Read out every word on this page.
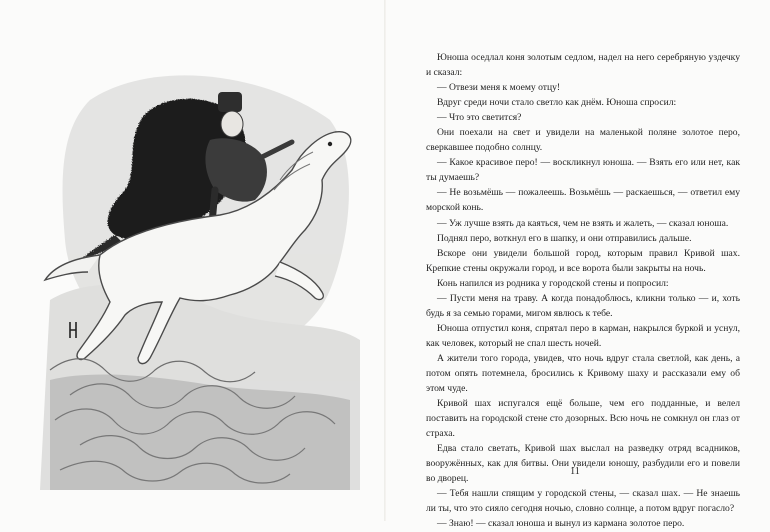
Юноша оседлал коня золотым седлом, надел на него серебряную уздечку и сказал:

— Отвези меня к моему отцу!

Вдруг среди ночи стало светло как днём. Юноша спросил:

— Что это светится?

Они поехали на свет и увидели на маленькой поляне золотое перо, сверкавшее подобно солнцу.

— Какое красивое перо! — воскликнул юноша. — Взять его или нет, как ты думаешь?

— Не возьмёшь — пожалеешь. Возьмёшь — раскаешься, — ответил ему морской конь.

— Уж лучше взять да каяться, чем не взять и жалеть, — сказал юноша.

Поднял перо, воткнул его в шапку, и они отправились дальше.

Вскоре они увидели большой город, которым правил Кривой шах. Крепкие стены окружали город, и все ворота были закрыты на ночь.

Конь напился из родника у городской стены и попросил:

— Пусти меня на траву. А когда понадоблюсь, кликни только — и, хоть будь я за семью горами, мигом явлюсь к тебе.

Юноша отпустил коня, спрятал перо в карман, накрылся буркой и уснул, как человек, который не спал шесть ночей.

А жители того города, увидев, что ночь вдруг стала светлой, как день, а потом опять потемнела, бросились к Кривому шаху и рассказали ему об этом чуде.

Кривой шах испугался ещё больше, чем его подданные, и велел поставить на городской стене сто дозорных. Всю ночь не сомкнул он глаз от страха.

Едва стало светать, Кривой шах выслал на разведку отряд всадников, вооружённых, как для битвы. Они увидели юношу, разбудили его и повели во дворец.

— Тебя нашли спящим у городской стены, — сказал шах. — Не знаешь ли ты, что это сияло сегодня ночью, словно солнце, а потом вдруг погасло?

— Знаю! — сказал юноша и вынул из кармана золотое перо.

11
